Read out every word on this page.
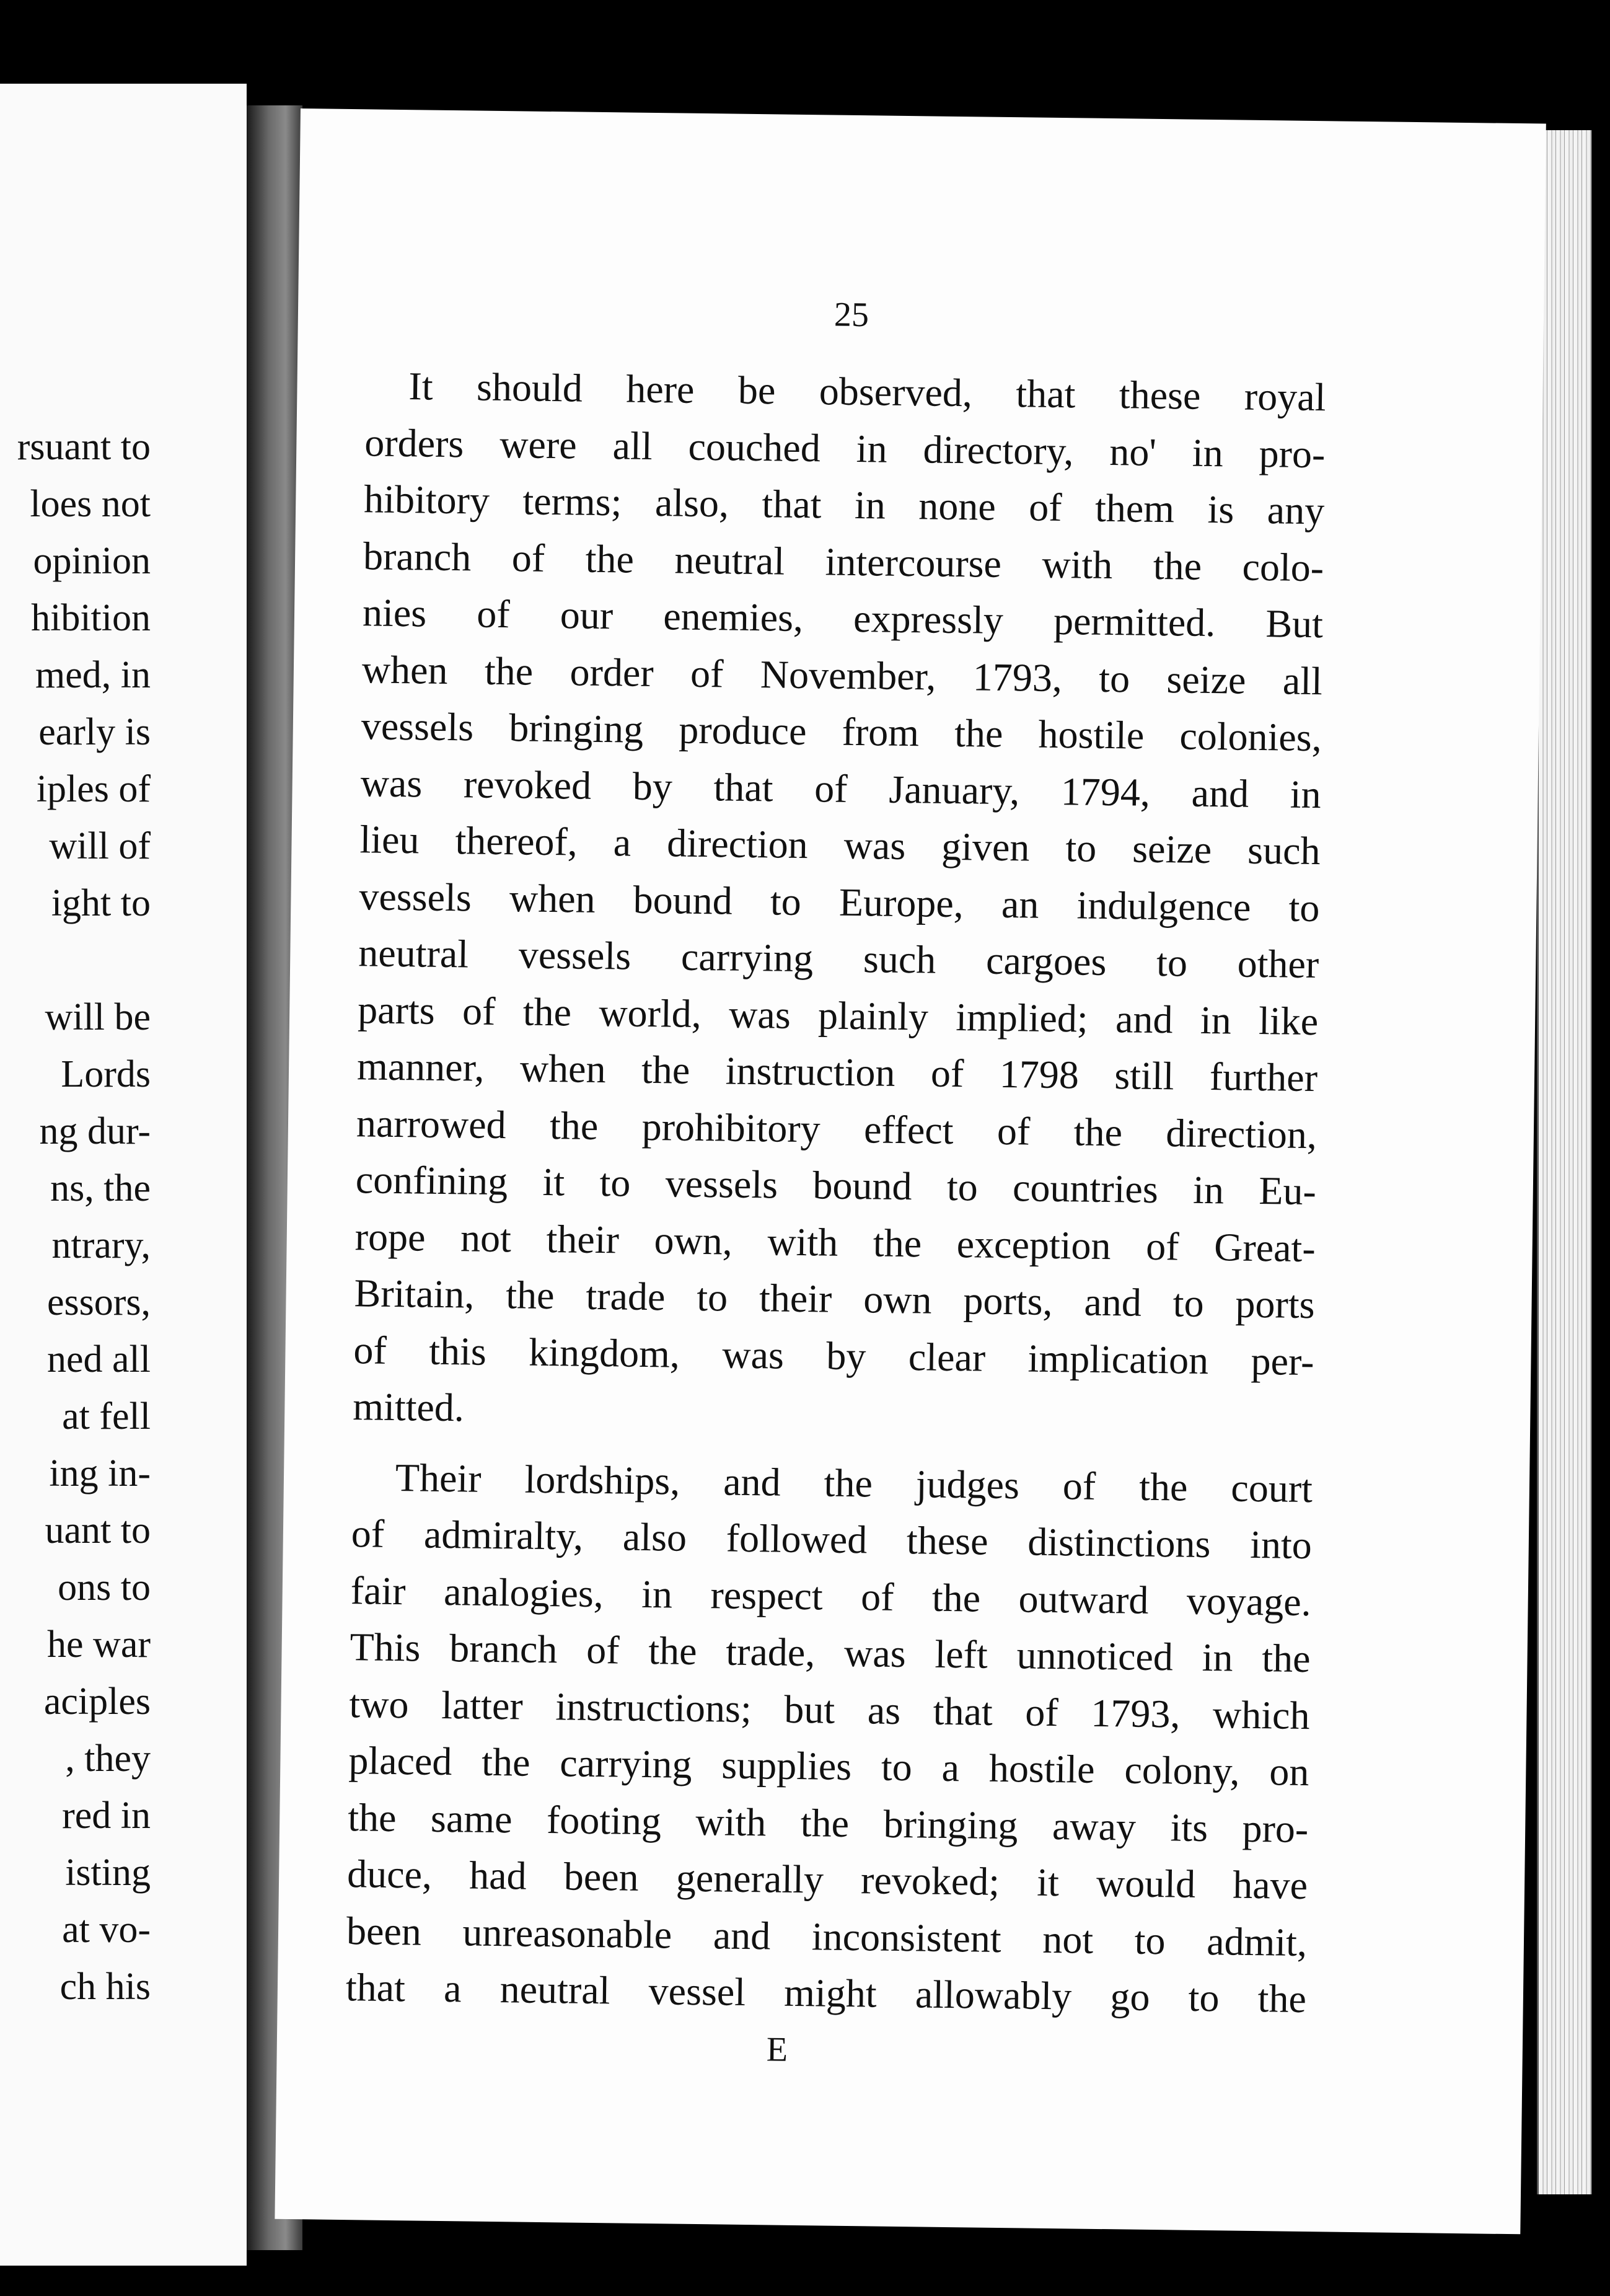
rsuant to
loes not
opinion
hibition
med, in
early is
iples of
will of
ight to
will be
Lords
ng dur-
ns, the
ntrary,
essors,
ned all
at fell
ing in-
uant to
ons to
he war
aciples
, they
red in
isting
at vo-
ch his
25
It should here be observed, that these royal
orders were all couched in directory, no' in pro-
hibitory terms; also, that in none of them is any
branch of the neutral intercourse with the colo-
nies of our enemies, expressly permitted. But
when the order of November, 1793, to seize all
vessels bringing produce from the hostile colonies,
was revoked by that of January, 1794, and in
lieu thereof, a direction was given to seize such
vessels when bound to Europe, an indulgence to
neutral vessels carrying such cargoes to other
parts of the world, was plainly implied; and in like
manner, when the instruction of 1798 still further
narrowed the prohibitory effect of the direction,
confining it to vessels bound to countries in Eu-
rope not their own, with the exception of Great-
Britain, the trade to their own ports, and to ports
of this kingdom, was by clear implication per-
mitted.
Their lordships, and the judges of the court
of admiralty, also followed these distinctions into
fair analogies, in respect of the outward voyage.
This branch of the trade, was left unnoticed in the
two latter instructions; but as that of 1793, which
placed the carrying supplies to a hostile colony, on
the same footing with the bringing away its pro-
duce, had been generally revoked; it would have
been unreasonable and inconsistent not to admit,
that a neutral vessel might allowably go to the
E
